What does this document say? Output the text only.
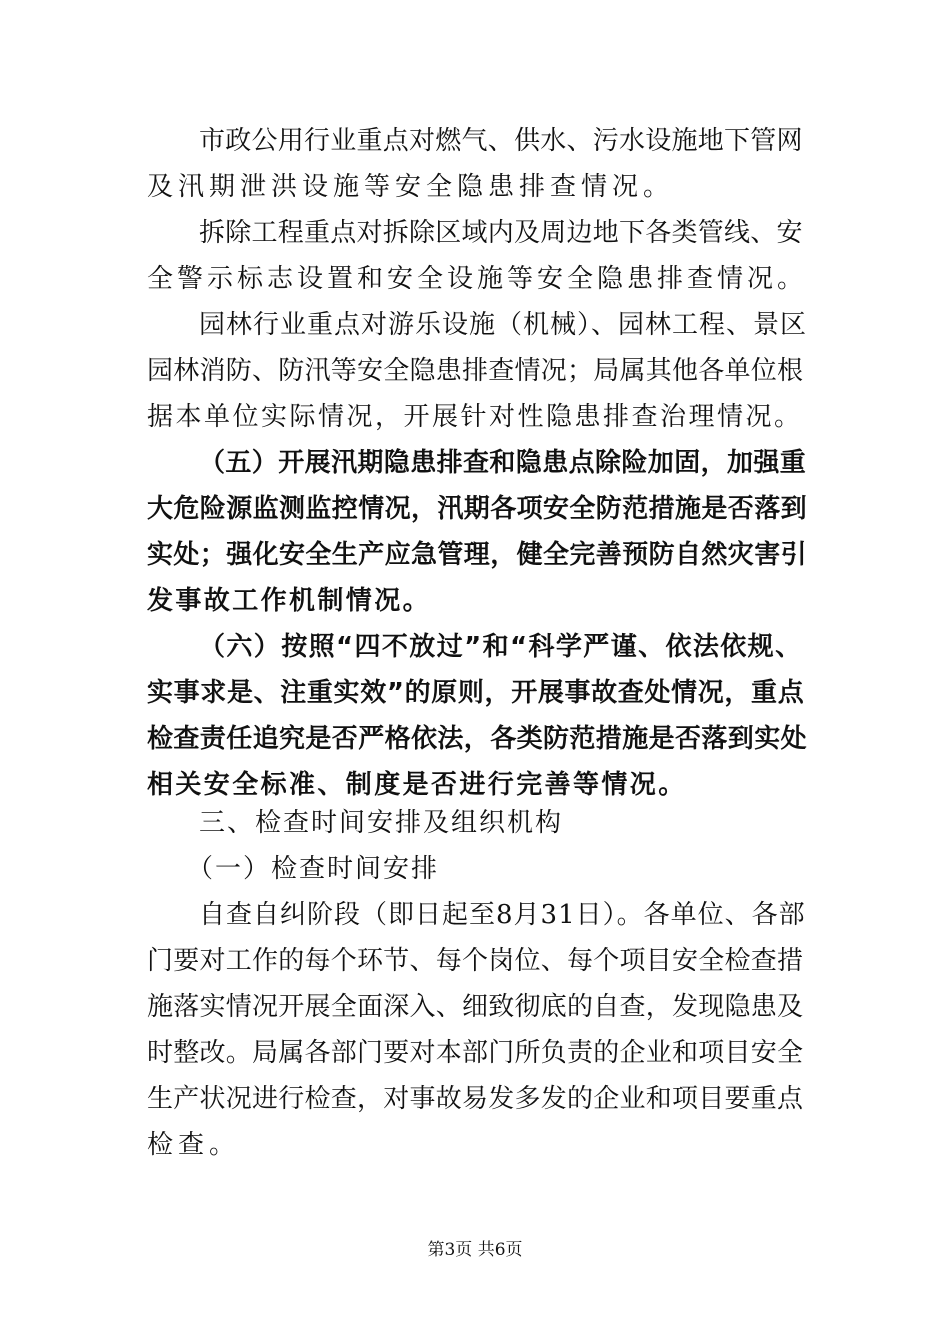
市政公用行业重点对燃气、供水、污水设施地下管网
及汛期泄洪设施等安全隐患排查情况。
拆除工程重点对拆除区域内及周边地下各类管线、安
全警示标志设置和安全设施等安全隐患排查情况。
园林行业重点对游乐设施（机械）、园林工程、景区
园林消防、防汛等安全隐患排查情况；局属其他各单位根
据本单位实际情况，开展针对性隐患排查治理情况。
（五）开展汛期隐患排查和隐患点除险加固，加强重
大危险源监测监控情况，汛期各项安全防范措施是否落到
实处；强化安全生产应急管理，健全完善预防自然灾害引
发事故工作机制情况。
（六）按照“四不放过”和“科学严谨、依法依规、
实事求是、注重实效”的原则，开展事故查处情况，重点
检查责任追究是否严格依法，各类防范措施是否落到实处
相关安全标准、制度是否进行完善等情况。
三、检查时间安排及组织机构
（一）检查时间安排
自查自纠阶段（即日起至8月31日）。各单位、各部
门要对工作的每个环节、每个岗位、每个项目安全检查措
施落实情况开展全面深入、细致彻底的自查，发现隐患及
时整改。局属各部门要对本部门所负责的企业和项目安全
生产状况进行检查，对事故易发多发的企业和项目要重点
检查。
第3页 共6页
